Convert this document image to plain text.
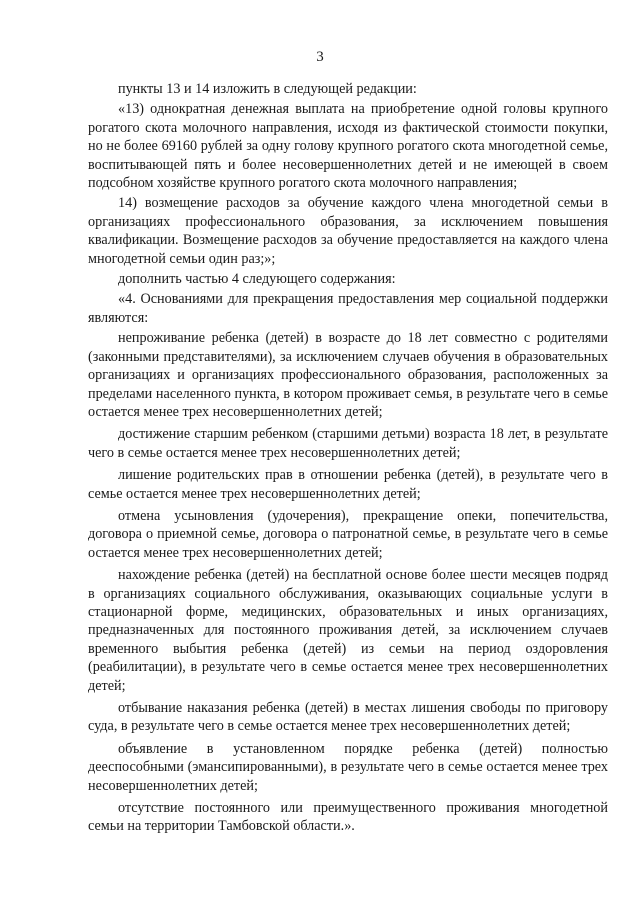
3

пункты 13 и 14 изложить в следующей редакции:

«13) однократная денежная выплата на приобретение одной головы крупного рогатого скота молочного направления, исходя из фактической стоимости покупки, но не более 69160 рублей за одну голову крупного рогатого скота многодетной семье, воспитывающей пять и более несовершеннолетних детей и не имеющей в своем подсобном хозяйстве крупного рогатого скота молочного направления;

14) возмещение расходов за обучение каждого члена многодетной семьи в организациях профессионального образования, за исключением повышения квалификации. Возмещение расходов за обучение предоставляется на каждого члена многодетной семьи один раз;»;

дополнить частью 4 следующего содержания:

«4. Основаниями для прекращения предоставления мер социальной поддержки являются:

непроживание ребенка (детей) в возрасте до 18 лет совместно с родителями (законными представителями), за исключением случаев обучения в образовательных организациях и организациях профессионального образования, расположенных за пределами населенного пункта, в котором проживает семья, в результате чего в семье остается менее трех несовершеннолетних детей;

достижение старшим ребенком (старшими детьми) возраста 18 лет, в результате чего в семье остается менее трех несовершеннолетних детей;

лишение родительских прав в отношении ребенка (детей), в результате чего в семье остается менее трех несовершеннолетних детей;

отмена усыновления (удочерения), прекращение опеки, попечительства, договора о приемной семье, договора о патронатной семье, в результате чего в семье остается менее трех несовершеннолетних детей;

нахождение ребенка (детей) на бесплатной основе более шести месяцев подряд в организациях социального обслуживания, оказывающих социальные услуги в стационарной форме, медицинских, образовательных и иных организациях, предназначенных для постоянного проживания детей, за исключением случаев временного выбытия ребенка (детей) из семьи на период оздоровления (реабилитации), в результате чего в семье остается менее трех несовершеннолетних детей;

отбывание наказания ребенка (детей) в местах лишения свободы по приговору суда, в результате чего в семье остается менее трех несовершеннолетних детей;

объявление в установленном порядке ребенка (детей) полностью дееспособными (эмансипированными), в результате чего в семье остается менее трех несовершеннолетних детей;

отсутствие постоянного или преимущественного проживания многодетной семьи на территории Тамбовской области.».
